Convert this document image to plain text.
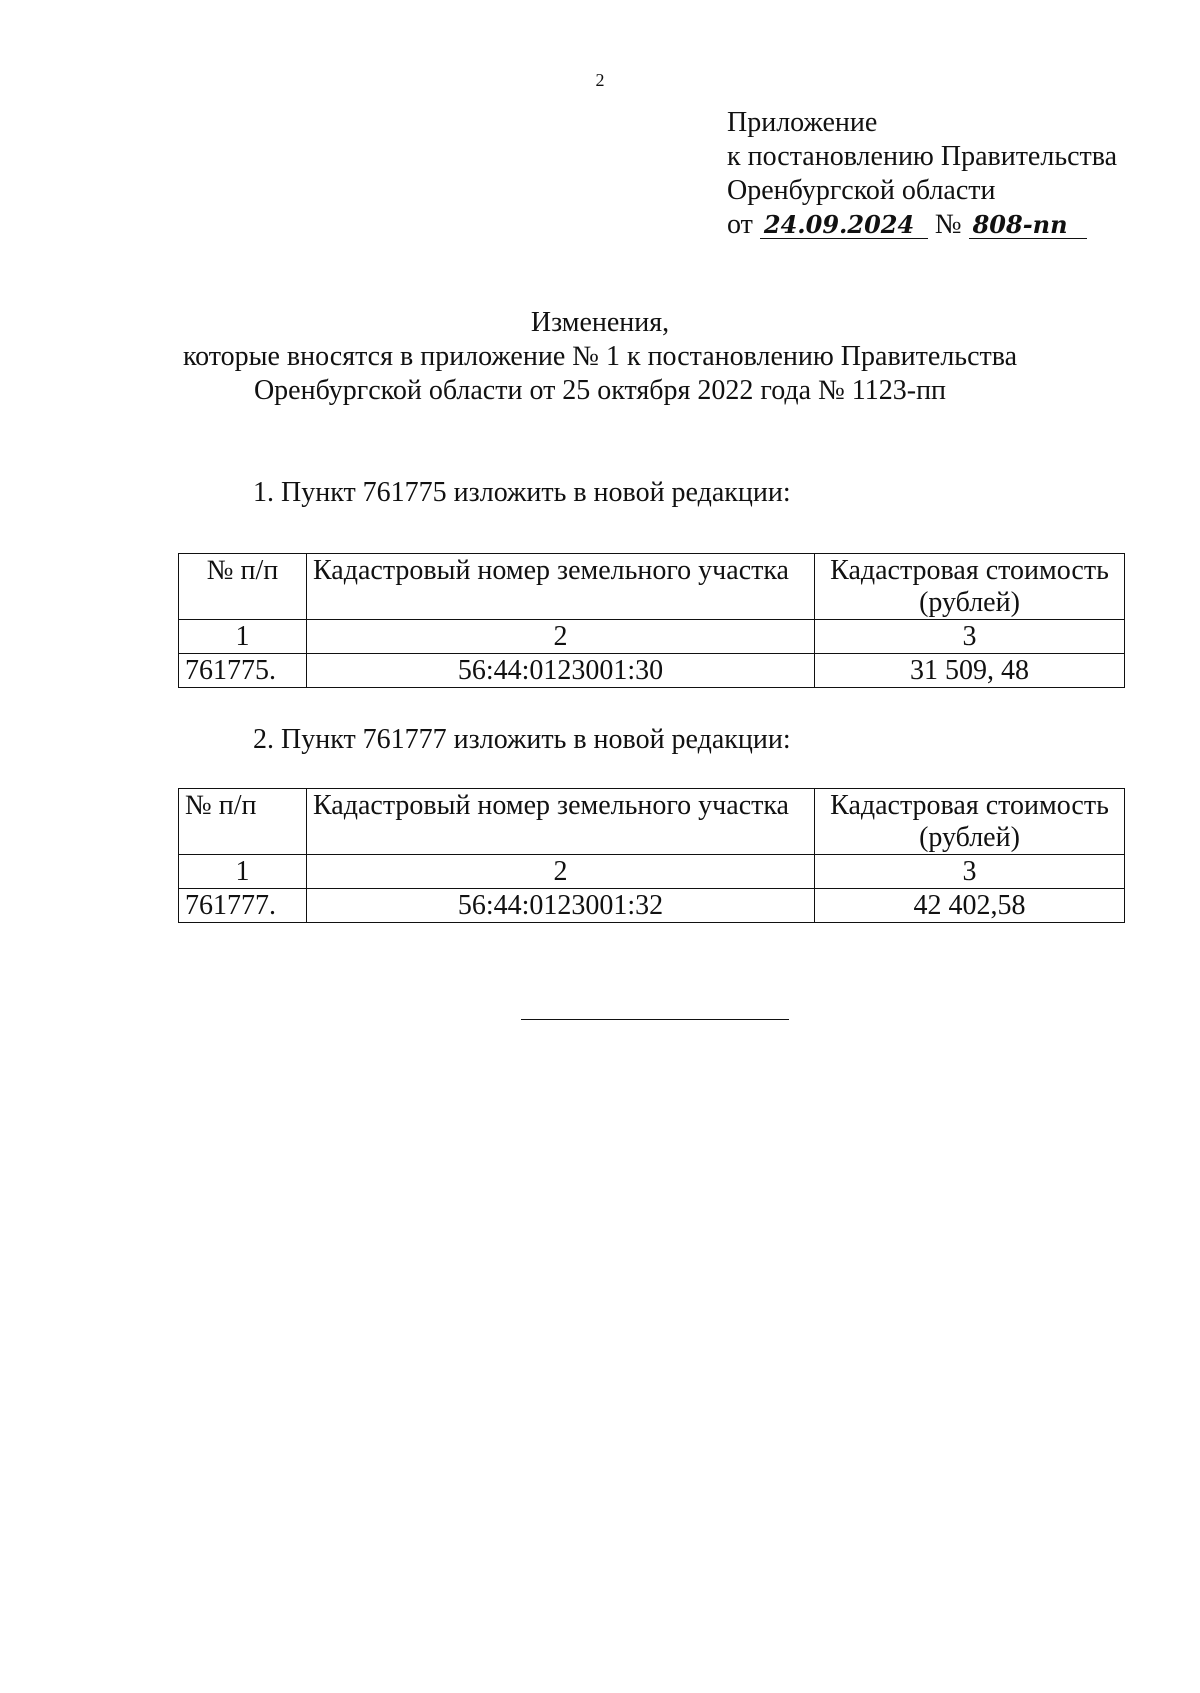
2
Приложение
к постановлению Правительства
Оренбургской области
от 24.09.2024 № 808-пп
Изменения,
которые вносятся в приложение № 1 к постановлению Правительства
Оренбургской области от 25 октября 2022 года № 1123-пп
1. Пункт 761775 изложить в новой редакции:
№ п/п	Кадастровый номер земельного участка	Кадастровая стоимость (рублей)
1	2	3
761775.	56:44:0123001:30	31 509, 48
2. Пункт 761777 изложить в новой редакции:
№ п/п	Кадастровый номер земельного участка	Кадастровая стоимость (рублей)
1	2	3
761777.	56:44:0123001:32	42 402,58
